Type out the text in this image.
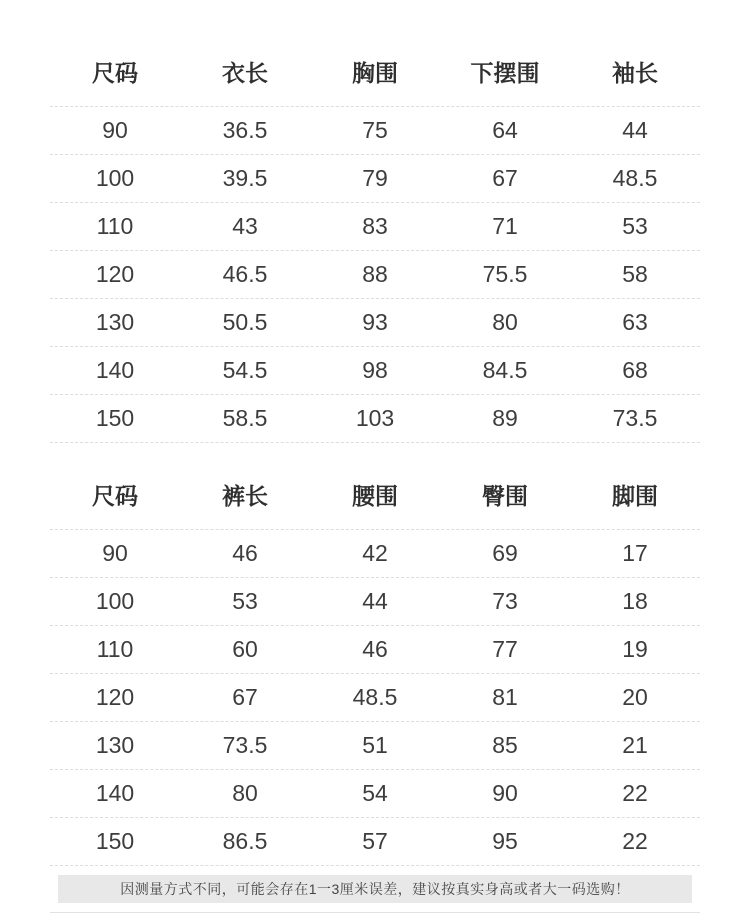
尺码	衣长	胸围	下摆围	袖长
90	36.5	75	64	44
100	39.5	79	67	48.5
110	43	83	71	53
120	46.5	88	75.5	58
130	50.5	93	80	63
140	54.5	98	84.5	68
150	58.5	103	89	73.5
尺码	裤长	腰围	臀围	脚围
90	46	42	69	17
100	53	44	73	18
110	60	46	77	19
120	67	48.5	81	20
130	73.5	51	85	21
140	80	54	90	22
150	86.5	57	95	22
因测量方式不同，可能会存在1一3厘米误差，建议按真实身高或者大一码选购！
